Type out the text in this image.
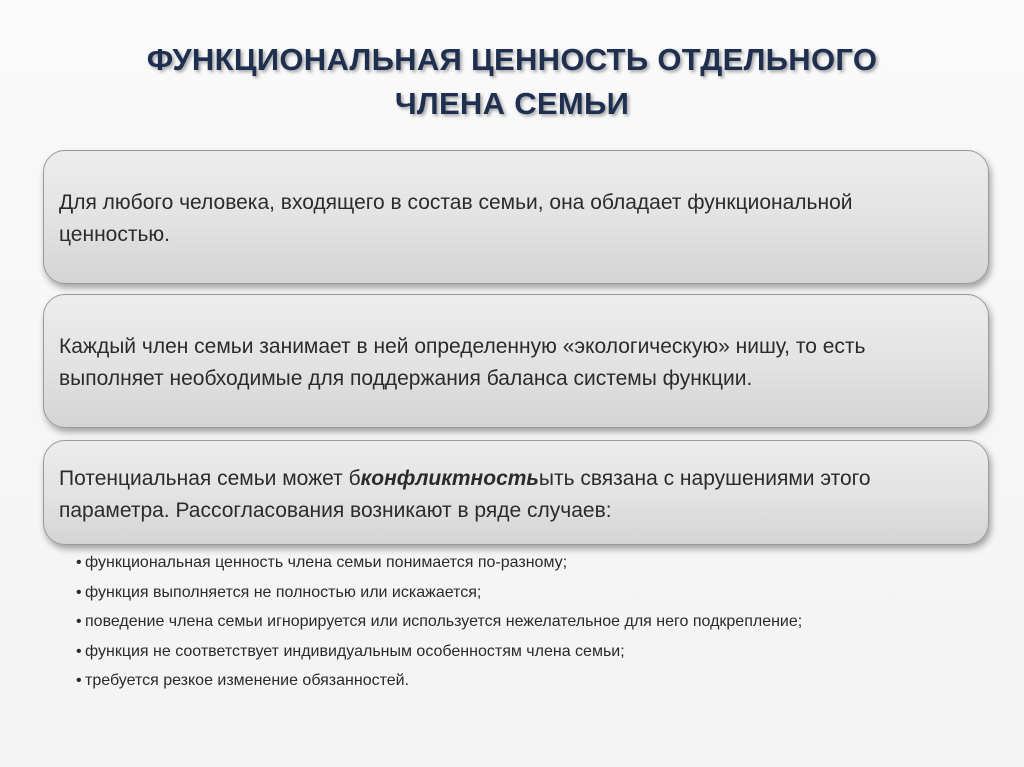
ФУНКЦИОНАЛЬНАЯ ЦЕННОСТЬ ОТДЕЛЬНОГО
ЧЛЕНА СЕМЬИ
Для любого человека, входящего в состав семьи, она обладает функциональной ценностью.
Каждый член семьи занимает в ней определенную «экологическую» нишу, то есть выполняет необходимые для поддержания баланса системы функции.
Потенциальная семьи может бконфликтностьыть связана с нарушениями этого параметра. Рассогласования возникают в ряде случаев:
• функциональная ценность члена семьи понимается по-разному;
• функция выполняется не полностью или искажается;
• поведение члена семьи игнорируется или используется нежелательное для него подкрепление;
• функция не соответствует индивидуальным особенностям члена семьи;
• требуется резкое изменение обязанностей.
